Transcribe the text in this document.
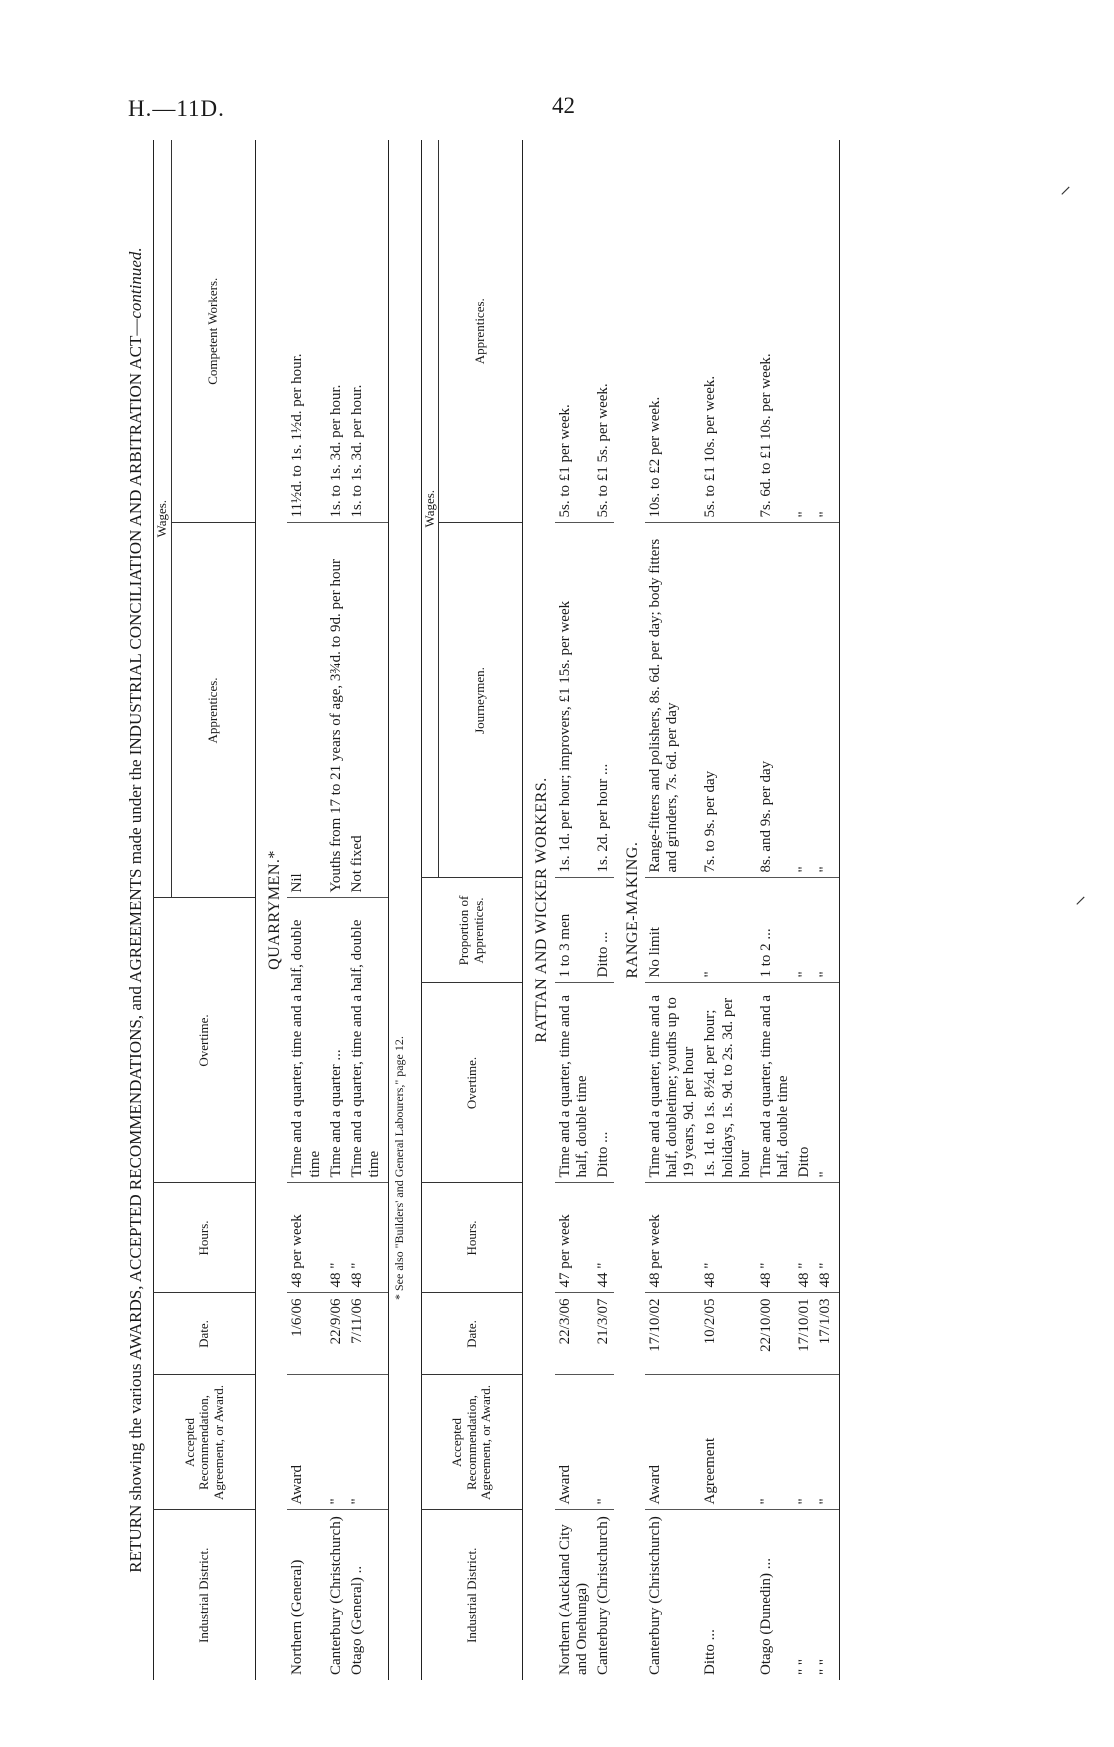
H.—11D.	42
RETURN showing the various AWARDS, ACCEPTED RECOMMENDATIONS, and AGREEMENTS made under the INDUSTRIAL CONCILIATION AND ARBITRATION ACT—continued.
Industrial District.	Accepted Recommendation, Agreement, or Award.	Date.	Hours.	Overtime.	Wages.	
					Apprentices.	Competent Workers.
QUARRYMEN.*						
Northern (General)	Award	1/6/06	48 per week	Time and a quarter, time and a half, double time	Nil	11½d. to 1s. 1½d. per hour.
Canterbury (Christchurch)	"	22/9/06	48 "	Time and a quarter ...	Youths from 17 to 21 years of age, 3¾d. to 9d. per hour	1s. to 1s. 3d. per hour.
Otago (General) ..	"	7/11/06	48 "	Time and a quarter, time and a half, double time	Not fixed	1s. to 1s. 3d. per hour.
* See also "Builders' and General Labourers," page 12.
Industrial District.	Accepted Recommendation, Agreement, or Award.	Date.	Hours.	Overtime.	Proportion of Apprentices.	Wages.	
						Journeymen.	Apprentices.
RATTAN AND WICKER WORKERS.							
Northern (Auckland City and Onehunga)	Award	22/3/06	47 per week	Time and a quarter, time and a half, double time	1 to 3 men	1s. 1d. per hour; improvers, £1 15s. per week	5s. to £1 per week.
Canterbury (Christchurch)	"	21/3/07	44 "	Ditto ...	Ditto ...	1s. 2d. per hour ...	5s. to £1 5s. per week.
RANGE-MAKING.							
Canterbury (Christchurch)	Award	17/10/02	48 per week	Time and a quarter, time and a half, doubletime; youths up to 19 years, 9d. per hour	No limit	Range-fitters and polishers, 8s. 6d. per day; body fitters and grinders, 7s. 6d. per day	10s. to £2 per week.
Ditto ...	Agreement	10/2/05	48 "	1s. 1d. to 1s. 8½d. per hour; holidays, 1s. 9d. to 2s. 3d. per hour	"	7s. to 9s. per day	5s. to £1 10s. per week.
Otago (Dunedin) ...	"	22/10/00	48 "	Time and a quarter, time and a half, double time	1 to 2 ...	8s. and 9s. per day	7s. 6d. to £1 10s. per week.
" "	"	17/10/01	48 "	Ditto	"	"	"
" "	"	17/1/03	48 "	"	"	"	"
⸝
⸝
